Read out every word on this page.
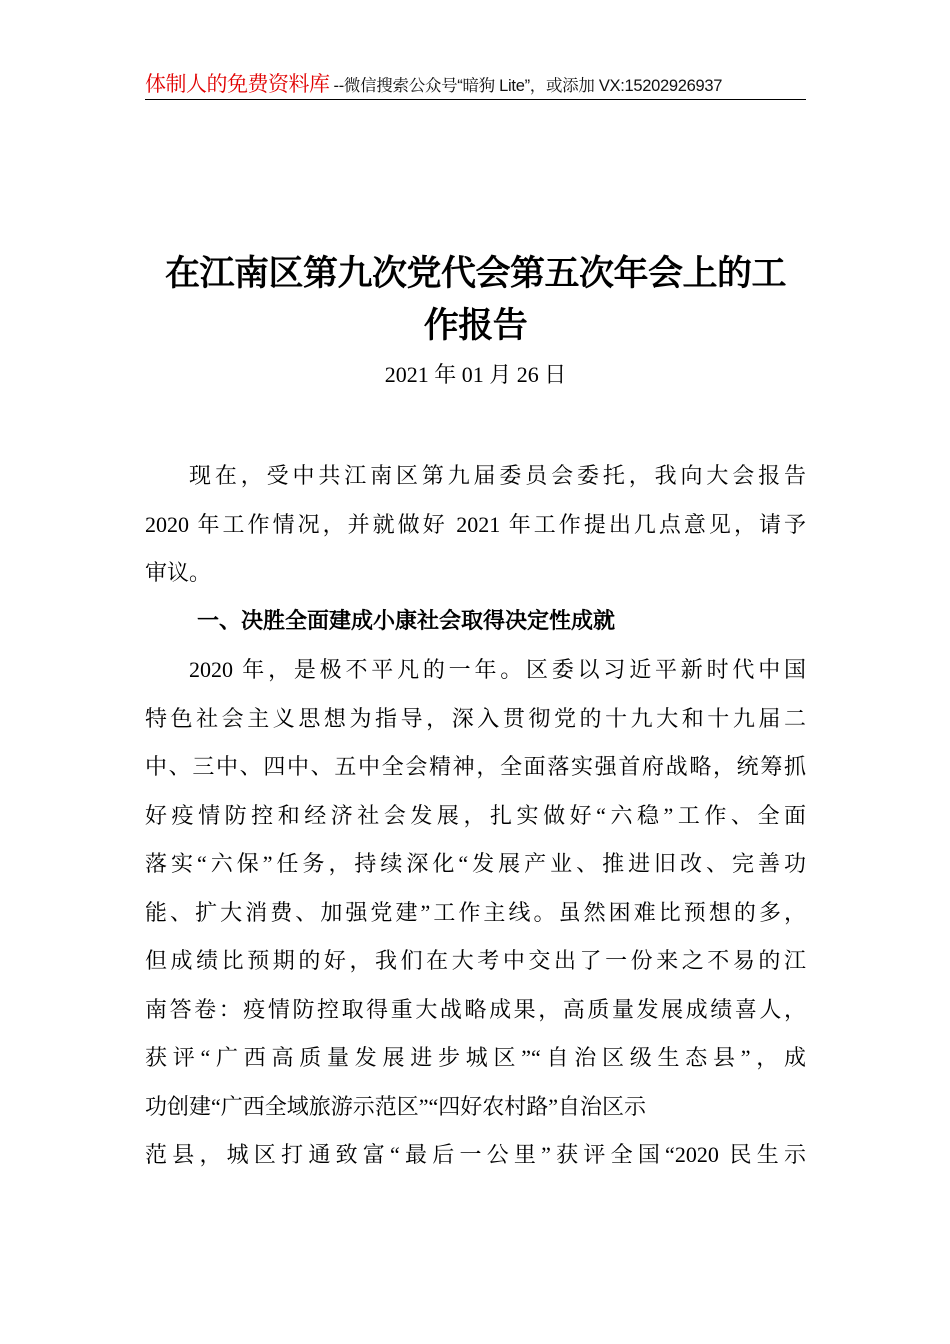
体制人的免费资料库 --微信搜索公众号“暗狗 Lite”，或添加 VX:15202926937
在江南区第九次党代会第五次年会上的工
作报告
2021 年 01 月 26 日
现在，受中共江南区第九届委员会委托，我向大会报告
2020 年工作情况，并就做好 2021 年工作提出几点意见，请予
审议。
一、决胜全面建成小康社会取得决定性成就
2020 年，是极不平凡的一年。区委以习近平新时代中国
特色社会主义思想为指导，深入贯彻党的十九大和十九届二
中、三中、四中、五中全会精神，全面落实强首府战略，统筹抓
好疫情防控和经济社会发展，扎实做好“六稳”工作、全面
落实“六保”任务，持续深化“发展产业、推进旧改、完善功
能、扩大消费、加强党建”工作主线。虽然困难比预想的多，
但成绩比预期的好，我们在大考中交出了一份来之不易的江
南答卷：疫情防控取得重大战略成果，高质量发展成绩喜人，
获评“广西高质量发展进步城区”“自治区级生态县”，成
功创建“广西全域旅游示范区”“四好农村路”自治区示
范县，城区打通致富“最后一公里”获评全国“2020 民生示
